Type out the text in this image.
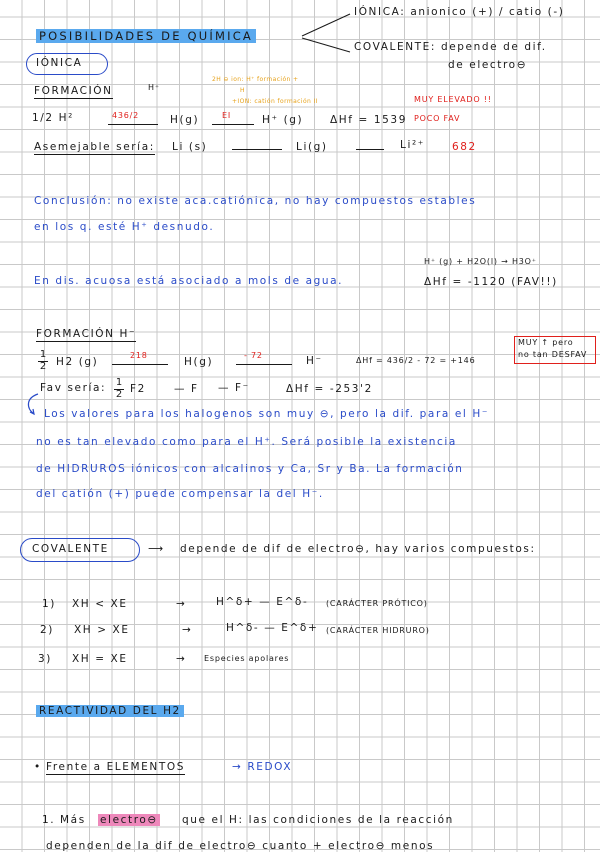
POSIBILIDADES DE QUÍMICA
IÓNICA: anionico (+) / catio (-)
COVALENTE: depende de dif.
de electro⊖
IÓNICA
FORMACIÓN	H⁺
2H ⊖ ion: H⁺ formación +
H
+ION: catión formación II
1/2 H²	436/2	H(g)	EI	H⁺ (g)	ΔHf = 1539
MUY ELEVADO !!
POCO FAV
Asemejable sería: Li (s)	Li(g)	Li²⁺	682
Conclusión: no existe aca.catiónica, no hay compuestos estables
en los q. esté H⁺ desnudo.
H⁺ (g) + H2O(l) → H3O⁺
En dis. acuosa está asociado a mols de agua.	ΔHf = -1120 (FAV!!)
FORMACIÓN H⁻
$\frac{1}{2} H2$ (g)
218
H(g)
- 72	H⁻	ΔHf = 436/2 - 72 = +146
MUY ↑ pero
no tan DESFAV
Fav sería: $\frac{1}{2} F2$	— F — F⁻	ΔHf = -253'2
Los valores para los halogenos son muy ⊖, pero la dif. para el H⁻
no es tan elevado como para el H⁺. Será posible la existencia
de HIDRUROS iónicos con alcalinos y Ca, Sr y Ba. La formación
del catión (+) puede compensar la del H⁻.
COVALENTE	⟶ depende de dif de electro⊖, hay varios compuestos:
1) XH < XE	→	H^δ+ — E^δ- (CARÁCTER PRÓTICO)
2) XH > XE	→	H^δ- — E^δ+ (CARÁCTER HIDRURO)
3) XH = XE	→ Especies apolares
REACTIVIDAD DEL H2
• Frente a ELEMENTOS	→ REDOX
1. Más electro⊖ que el H: las condiciones de la reacción
dependen de la dif de electro⊖ cuanto + electro⊖ menos
